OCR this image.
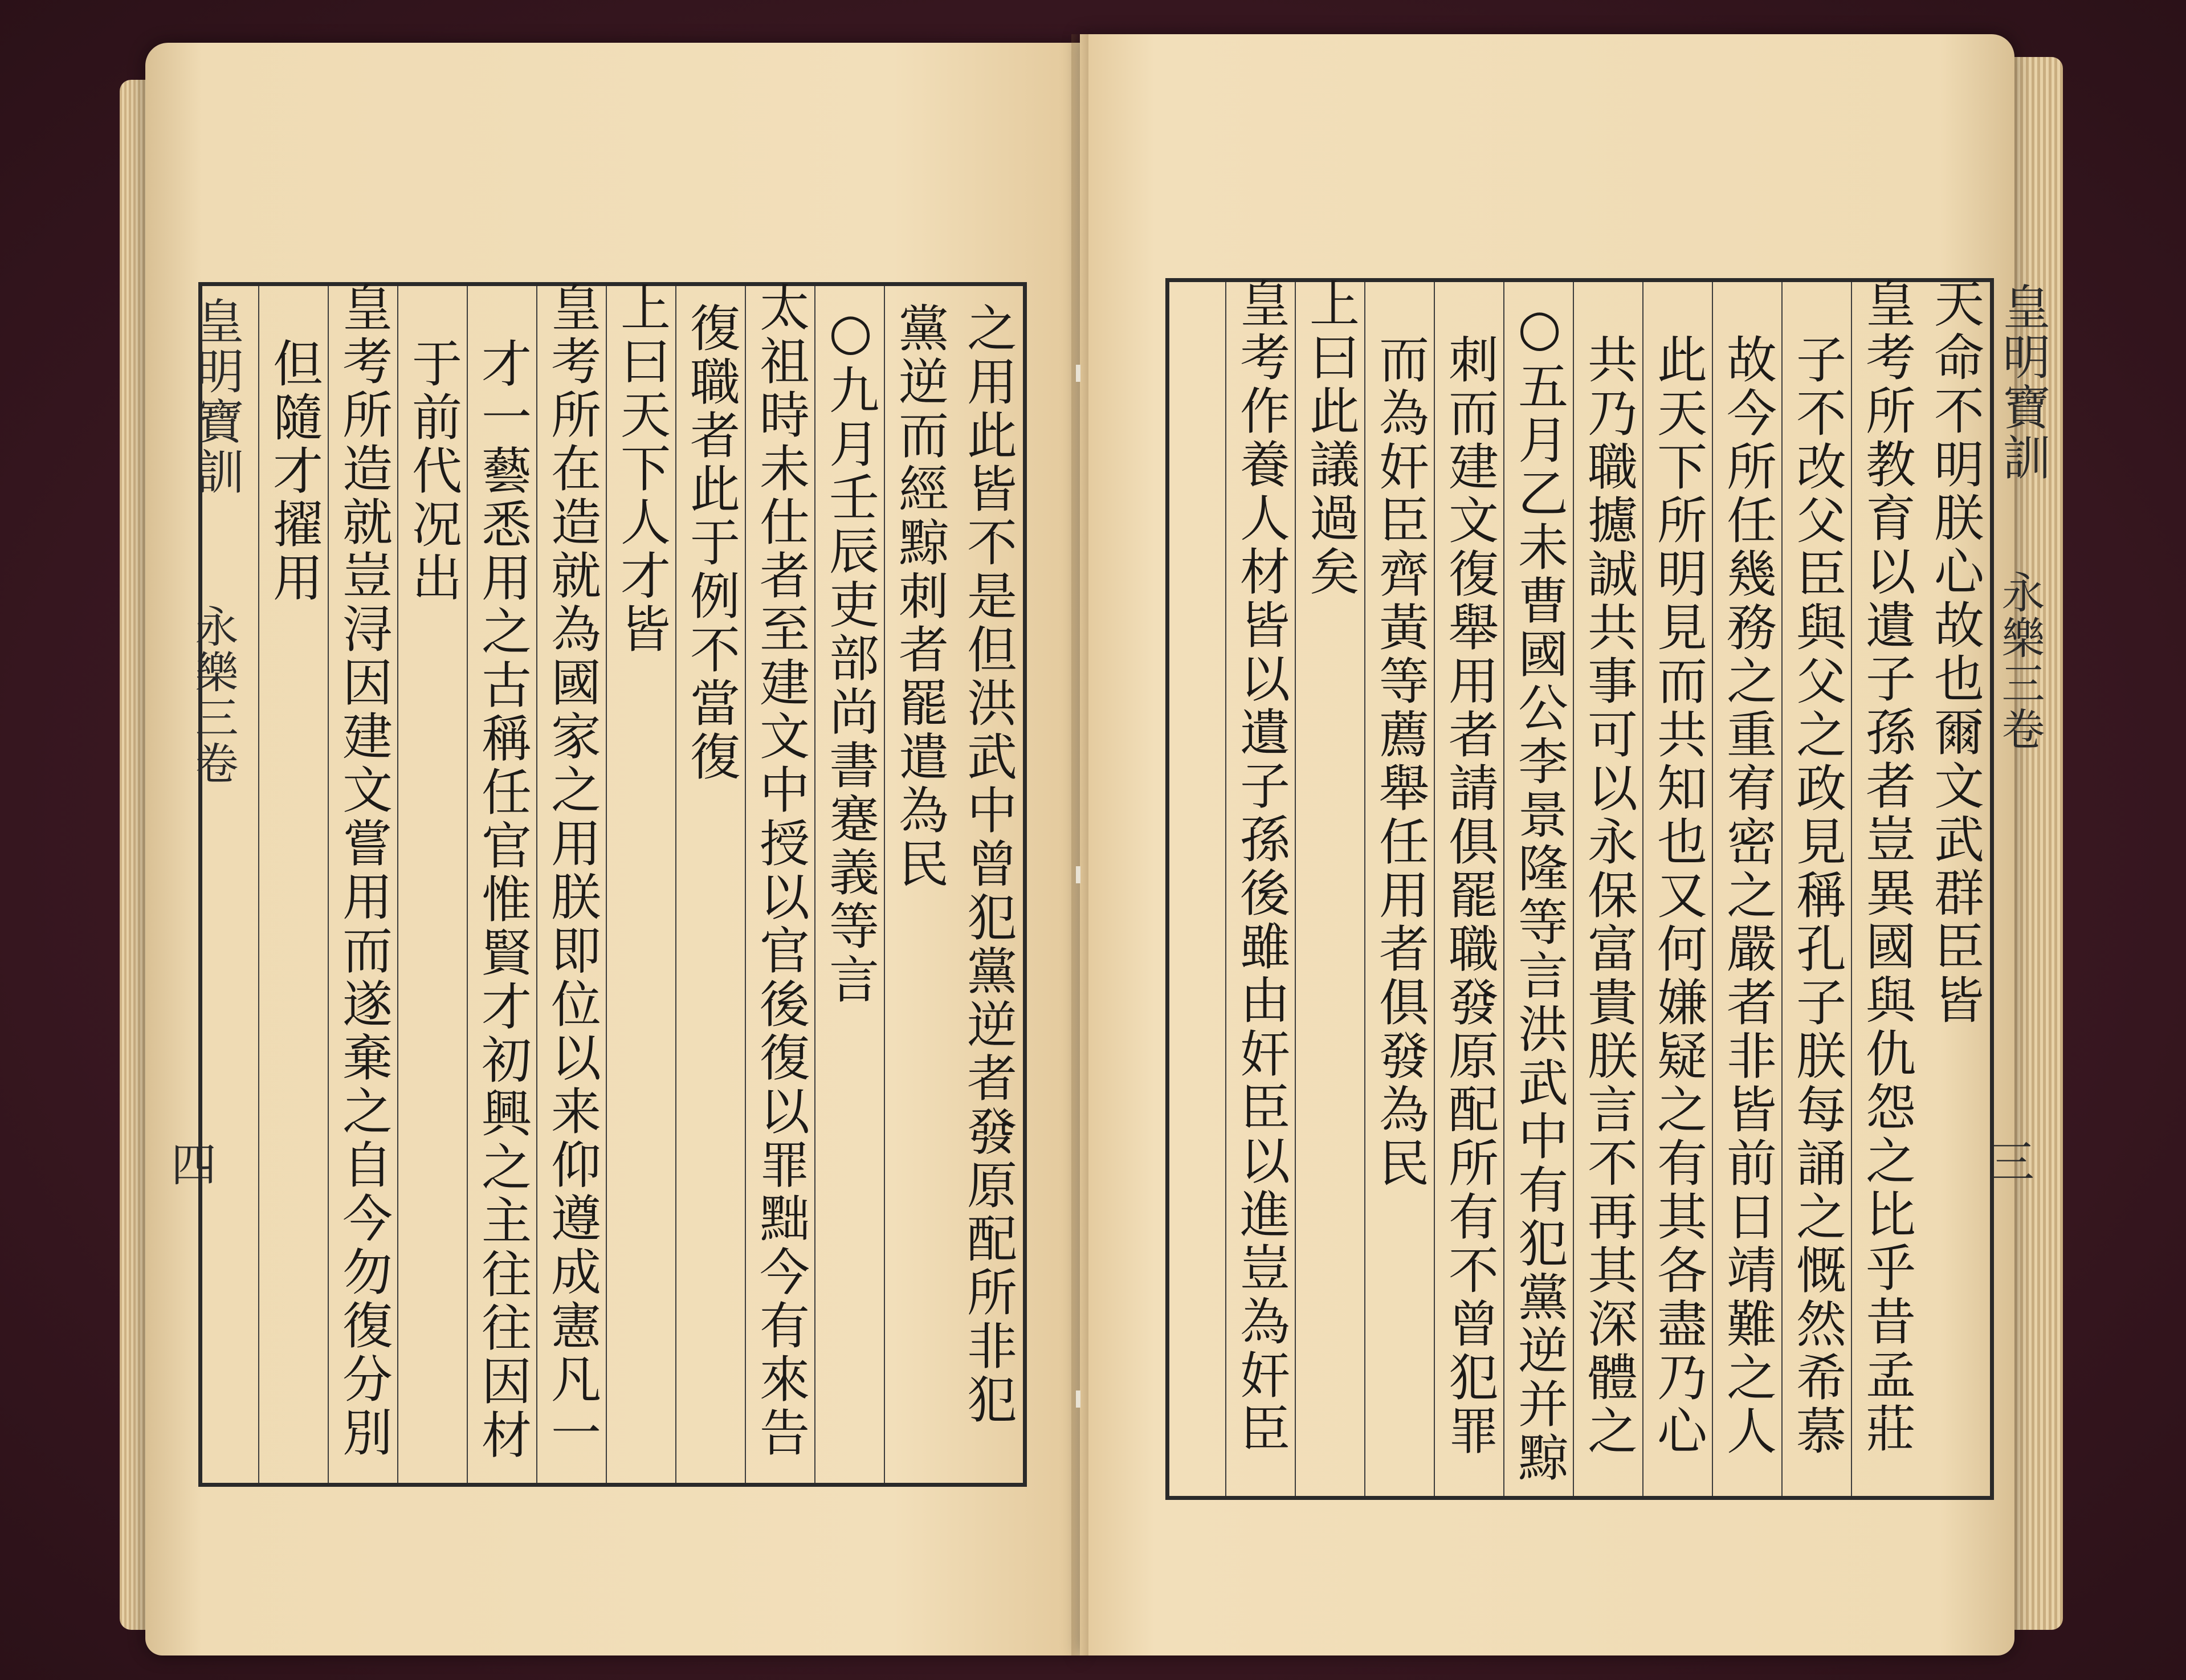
皇明寶訓
永樂三卷
四	之用此皆不是但洪武中曾犯黨逆者發原配所非犯
黨逆而經黥刺者罷遣為民
○九月壬辰吏部尚書蹇義等言
太祖時未仕者至建文中授以官後復以罪黜今有來告
復職者此于例不當復
上曰天下人才皆
皇考所在造就為國家之用朕即位以来仰遵成憲凡一
才一藝悉用之古稱任官惟賢才初興之主往往因材
于前代况出
皇考所造就豈浔因建文嘗用而遂棄之自今勿復分別
但隨才擢用	皇明寶訓
永樂三卷
三
天命不明朕心故也爾文武群臣皆
皇考所教育以遺子孫者豈異國與仇怨之比乎昔孟莊
子不改父臣與父之政見稱孔子朕每誦之慨然希慕
故今所任幾務之重宥密之嚴者非皆前日靖難之人
此天下所明見而共知也又何嫌疑之有其各盡乃心
共乃職攄誠共事可以永保富貴朕言不再其深體之
○五月乙未曹國公李景隆等言洪武中有犯黨逆并黥
刺而建文復舉用者請俱罷職發原配所有不曾犯罪
而為奸臣齊黃等薦舉任用者俱發為民
上曰此議過矣
皇考作養人材皆以遺子孫後雖由奸臣以進豈為奸臣
